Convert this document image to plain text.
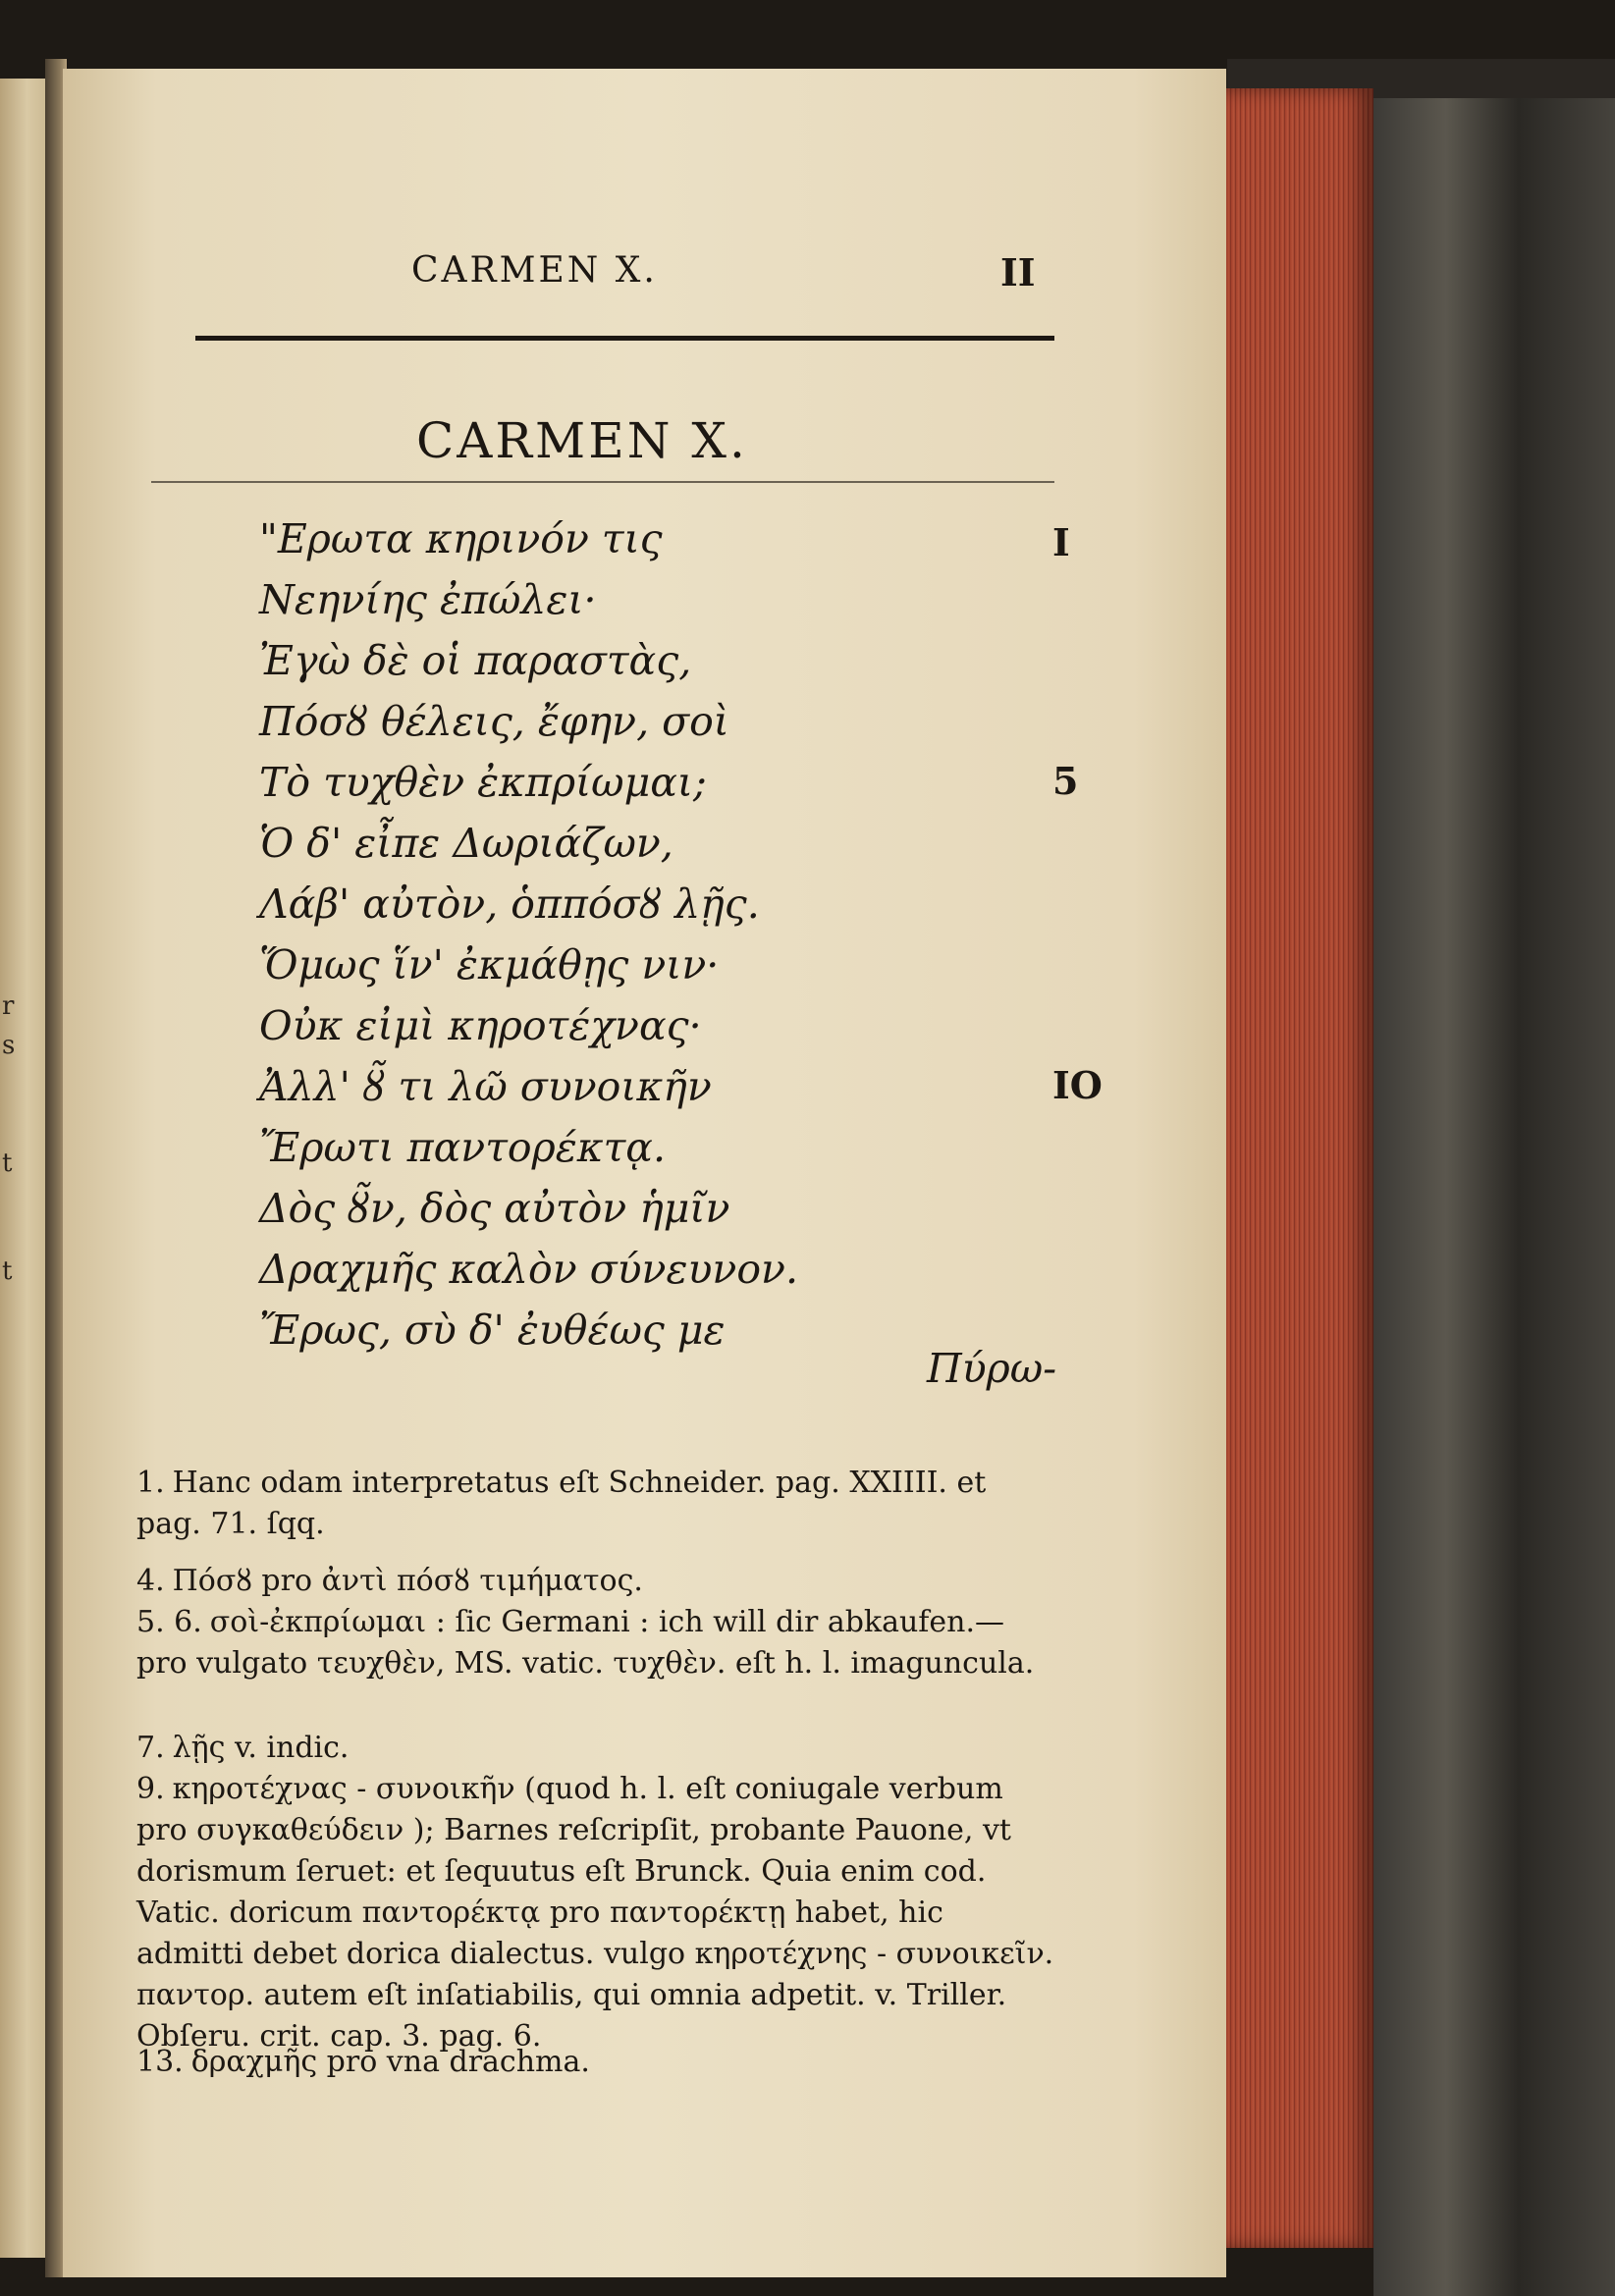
r
s
t
t
CARMEN X.	II
CARMEN X.
"Ερωτα κηρινόν τις
Νεηνίης ἐπώλει·
Ἐγὼ δὲ οἱ παραστὰς,
Πόσȣ θέλεις, ἔφην, σοὶ
Τὸ τυχθὲν ἐκπρίωμαι;
Ὁ δ' εἶπε Δωριάζων,
Λάβ' αὐτὸν, ὁππόσȣ λῇς.
Ὅμως ἵν' ἐκμάθῃς νιν·
Οὐκ εἰμὶ κηροτέχνας·
Ἀλλ' ȣ̃ τι λῶ συνοικῆν
Ἔρωτι παντορέκτᾳ.
Δὸς ȣ̃ν, δὸς αὐτὸν ἡμῖν
Δραχμῆς καλὸν σύνευνον.
Ἔρως, σὺ δ' ἐυθέως με
I
5
IO
Πύρω-
1. Hanc odam interpretatus eſt Schneider. pag. XXIIII. et pag. 71. ſqq.
4. Πόσȣ pro ἀντὶ πόσȣ τιμήματος.
5. 6. σοὶ-ἐκπρίωμαι : ſic Germani : ich will dir abkaufen.— pro vulgato τευχθὲν, MS. vatic. τυχθὲν. eſt h. l. imaguncula.
7. λῇς v. indic.
9. κηροτέχνας - συνοικῆν (quod h. l. eſt coniugale verbum pro συγκαθεύδειν ); Barnes reſcripſit, probante Pauone, vt dorismum ſeruet: et ſequutus eſt Brunck. Quia enim cod. Vatic. doricum παντορέκτᾳ pro παντορέκτῃ habet, hic admitti debet dorica dialectus. vulgo κηροτέχνης - συνοικεῖν. παντορ. autem eſt inſatiabilis, qui omnia adpetit. v. Triller. Obſeru. crit. cap. 3. pag. 6.
13. δραχμῆς pro vna drachma.
